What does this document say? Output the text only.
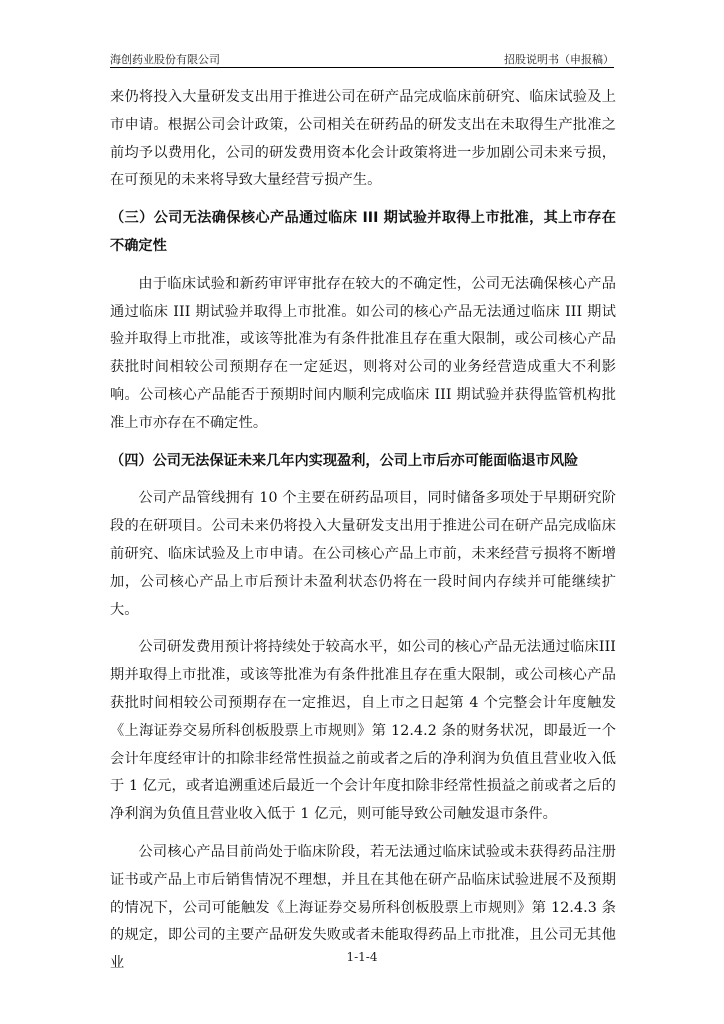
海创药业股份有限公司	招股说明书（申报稿）

来仍将投入大量研发支出用于推进公司在研产品完成临床前研究、临床试验及上市申请。根据公司会计政策，公司相关在研药品的研发支出在未取得生产批准之前均予以费用化，公司的研发费用资本化会计政策将进一步加剧公司未来亏损，在可预见的未来将导致大量经营亏损产生。

（三）公司无法确保核心产品通过临床 III 期试验并取得上市批准，其上市存在不确定性

由于临床试验和新药审评审批存在较大的不确定性，公司无法确保核心产品通过临床 III 期试验并取得上市批准。如公司的核心产品无法通过临床 III 期试验并取得上市批准，或该等批准为有条件批准且存在重大限制，或公司核心产品获批时间相较公司预期存在一定延迟，则将对公司的业务经营造成重大不利影响。公司核心产品能否于预期时间内顺利完成临床 III 期试验并获得监管机构批准上市亦存在不确定性。

（四）公司无法保证未来几年内实现盈利，公司上市后亦可能面临退市风险

公司产品管线拥有 10 个主要在研药品项目，同时储备多项处于早期研究阶段的在研项目。公司未来仍将投入大量研发支出用于推进公司在研产品完成临床前研究、临床试验及上市申请。在公司核心产品上市前，未来经营亏损将不断增加，公司核心产品上市后预计未盈利状态仍将在一段时间内存续并可能继续扩大。

公司研发费用预计将持续处于较高水平，如公司的核心产品无法通过临床III 期并取得上市批准，或该等批准为有条件批准且存在重大限制，或公司核心产品获批时间相较公司预期存在一定推迟，自上市之日起第 4 个完整会计年度触发《上海证券交易所科创板股票上市规则》第 12.4.2 条的财务状况，即最近一个会计年度经审计的扣除非经常性损益之前或者之后的净利润为负值且营业收入低于 1 亿元，或者追溯重述后最近一个会计年度扣除非经常性损益之前或者之后的净利润为负值且营业收入低于 1 亿元，则可能导致公司触发退市条件。

公司核心产品目前尚处于临床阶段，若无法通过临床试验或未获得药品注册证书或产品上市后销售情况不理想，并且在其他在研产品临床试验进展不及预期的情况下，公司可能触发《上海证券交易所科创板股票上市规则》第 12.4.3 条的规定，即公司的主要产品研发失败或者未能取得药品上市批准，且公司无其他业	1-1-4
